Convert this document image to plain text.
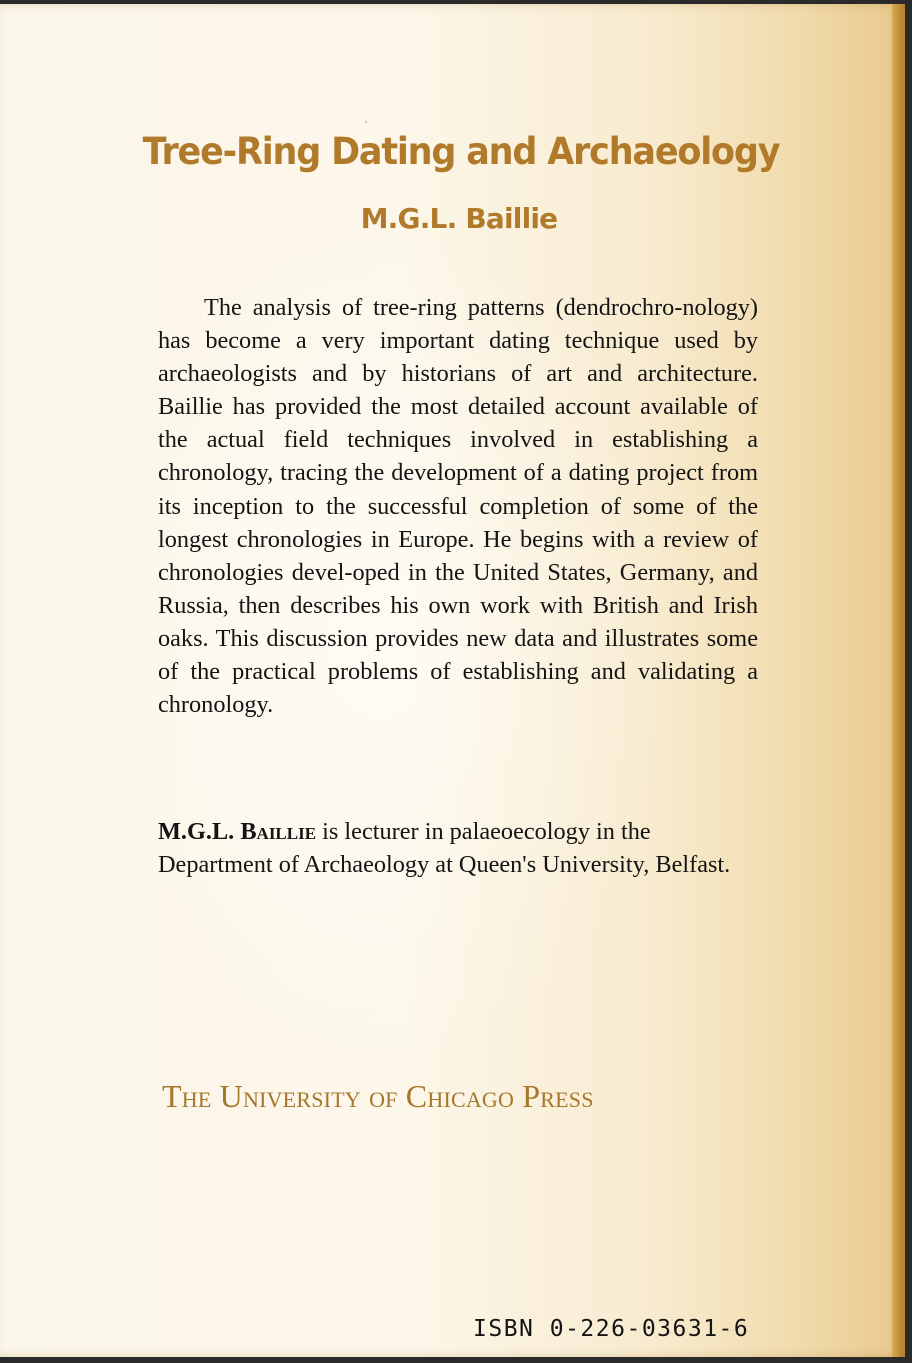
Tree-Ring Dating and Archaeology
M.G.L. Baillie

The analysis of tree-ring patterns (dendrochro-nology) has become a very important dating technique used by archaeologists and by historians of art and architecture. Baillie has provided the most detailed account available of the actual field techniques involved in establishing a chronology, tracing the development of a dating project from its inception to the successful completion of some of the longest chronologies in Europe. He begins with a review of chronologies devel-oped in the United States, Germany, and Russia, then describes his own work with British and Irish oaks. This discussion provides new data and illustrates some of the practical problems of establishing and validating a chronology.

M.G.L. Baillie is lecturer in palaeoecology in the Department of Archaeology at Queen's University, Belfast.

The University of Chicago Press
ISBN 0-226-03631-6
